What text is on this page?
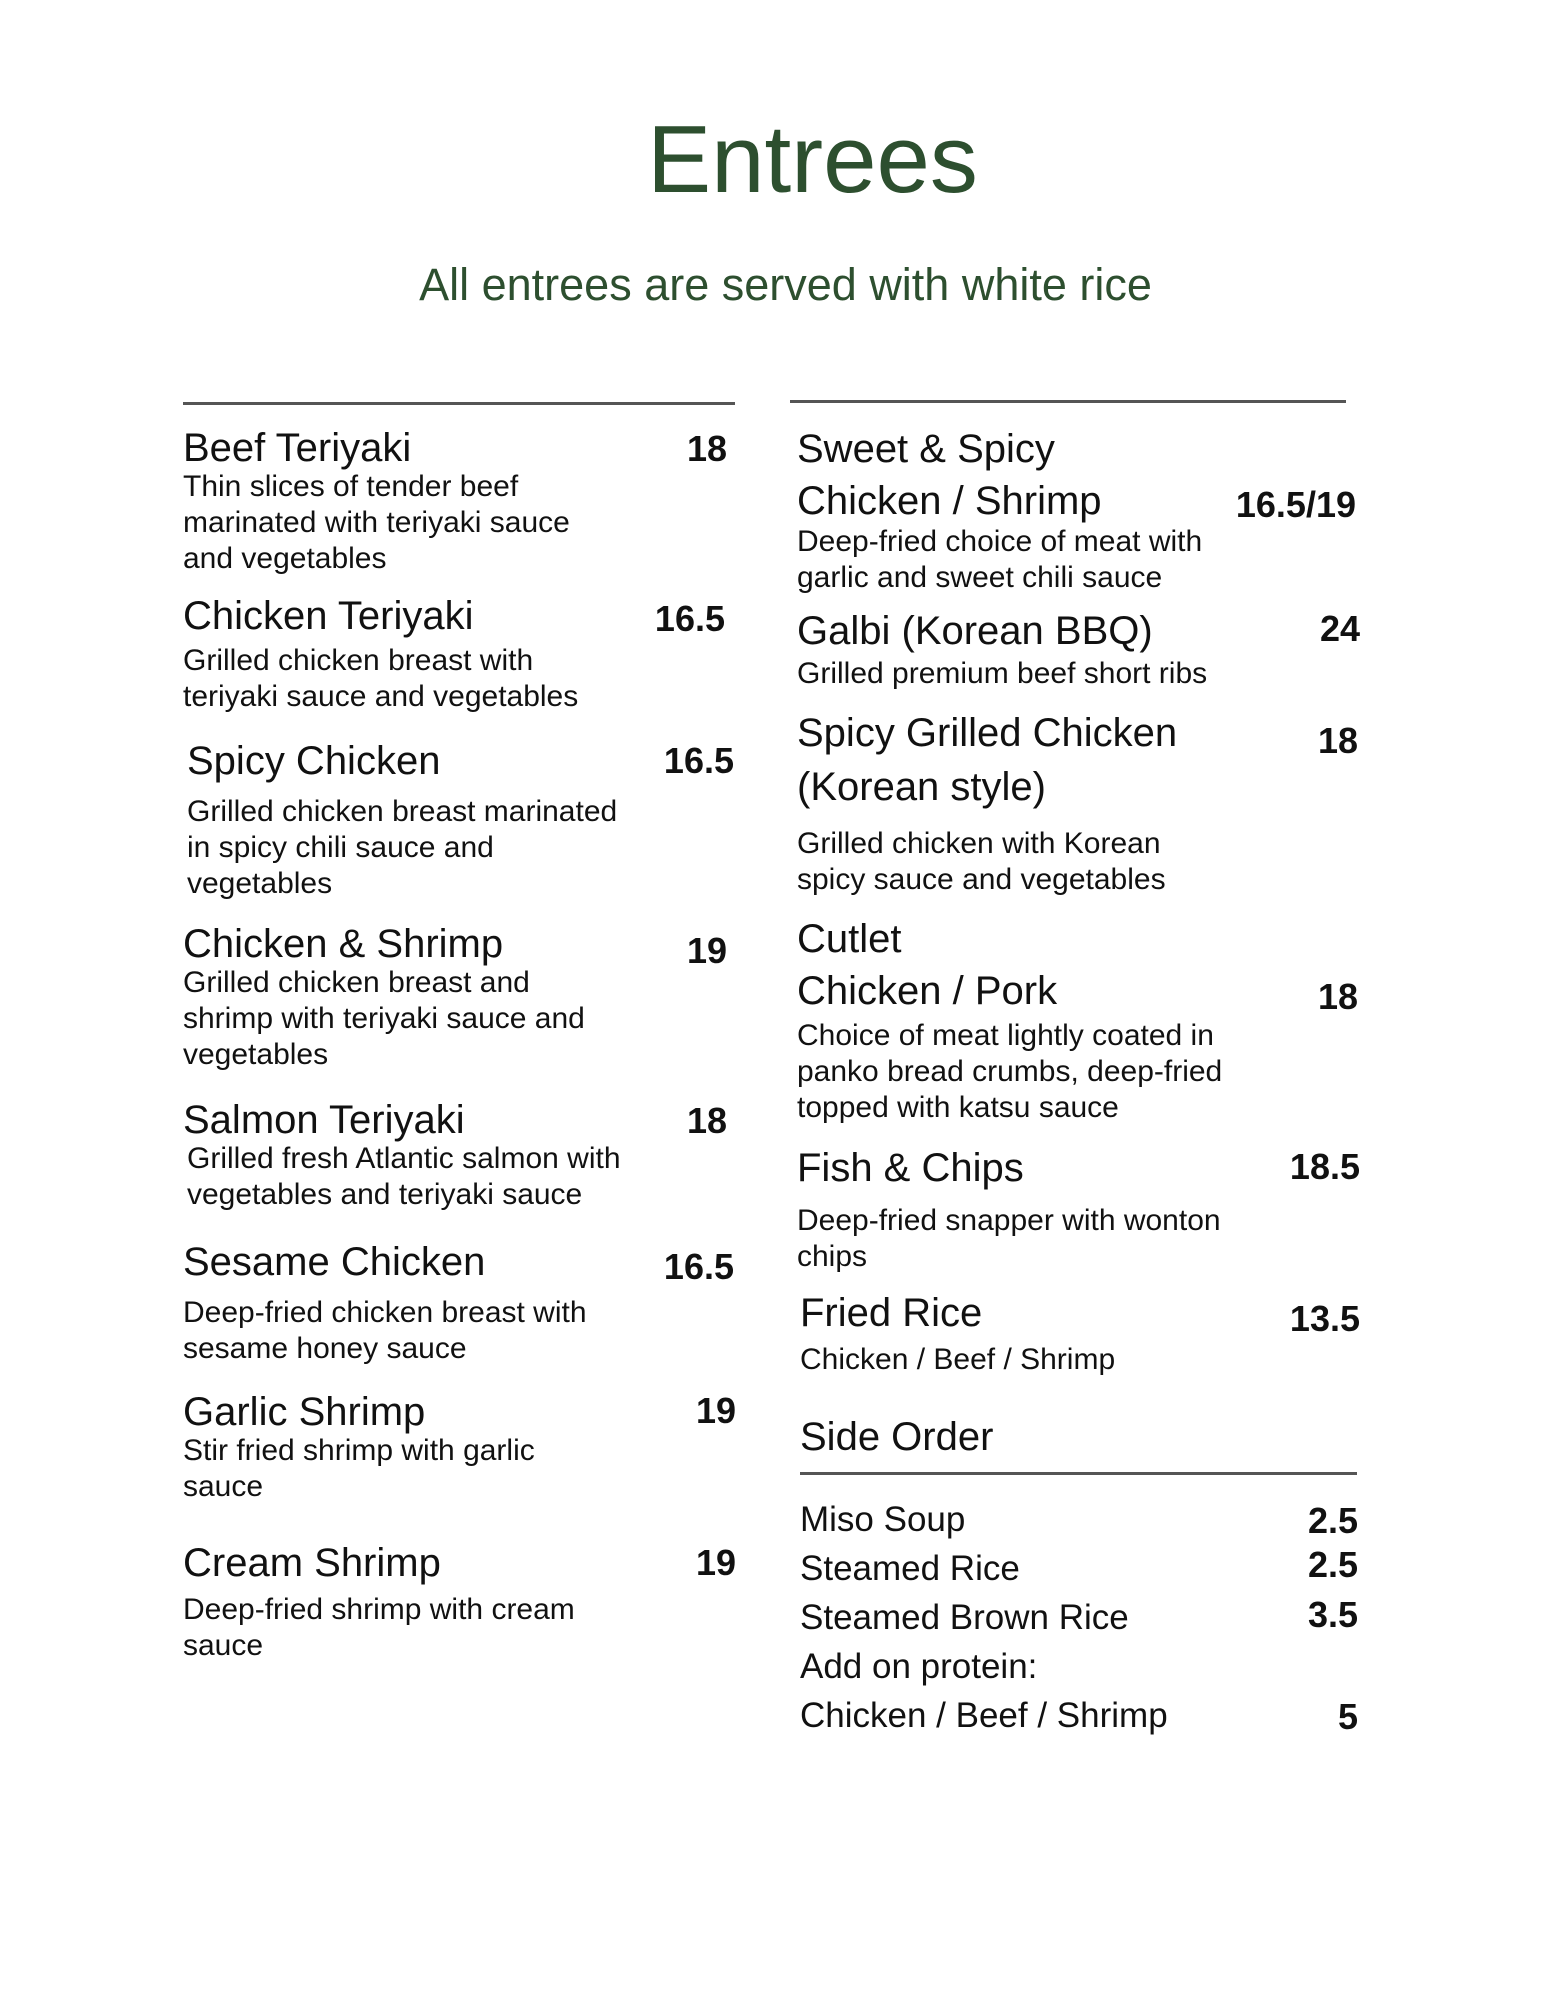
Entrees
All entrees are served with white rice
Beef Teriyaki
Thin slices of tender beef marinated with teriyaki sauce and vegetables
18
Chicken Teriyaki
Grilled chicken breast with teriyaki sauce and vegetables
16.5
Spicy Chicken
Grilled chicken breast marinated in spicy chili sauce and vegetables
16.5
Chicken & Shrimp
Grilled chicken breast and shrimp with teriyaki sauce and vegetables
19
Salmon Teriyaki
Grilled fresh Atlantic salmon with vegetables and teriyaki sauce
18
Sesame Chicken
Deep-fried chicken breast with sesame honey sauce
16.5
Garlic Shrimp
Stir fried shrimp with garlic sauce
19
Cream Shrimp
Deep-fried shrimp with cream sauce
19
Sweet & Spicy
Chicken / Shrimp
Deep-fried choice of meat with garlic and sweet chili sauce
16.5/19
Galbi (Korean BBQ)
Grilled premium beef short ribs
24
Spicy Grilled Chicken
(Korean style)
Grilled chicken with Korean spicy sauce and vegetables
18
Cutlet
Chicken / Pork
Choice of meat lightly coated in panko bread crumbs, deep-fried topped with katsu sauce
18
Fish & Chips
Deep-fried snapper with wonton chips
18.5
Fried Rice
Chicken / Beef / Shrimp
13.5
Side Order
Miso Soup	2.5
Steamed Rice	2.5
Steamed Brown Rice	3.5
Add on protein:
Chicken / Beef / Shrimp	5
